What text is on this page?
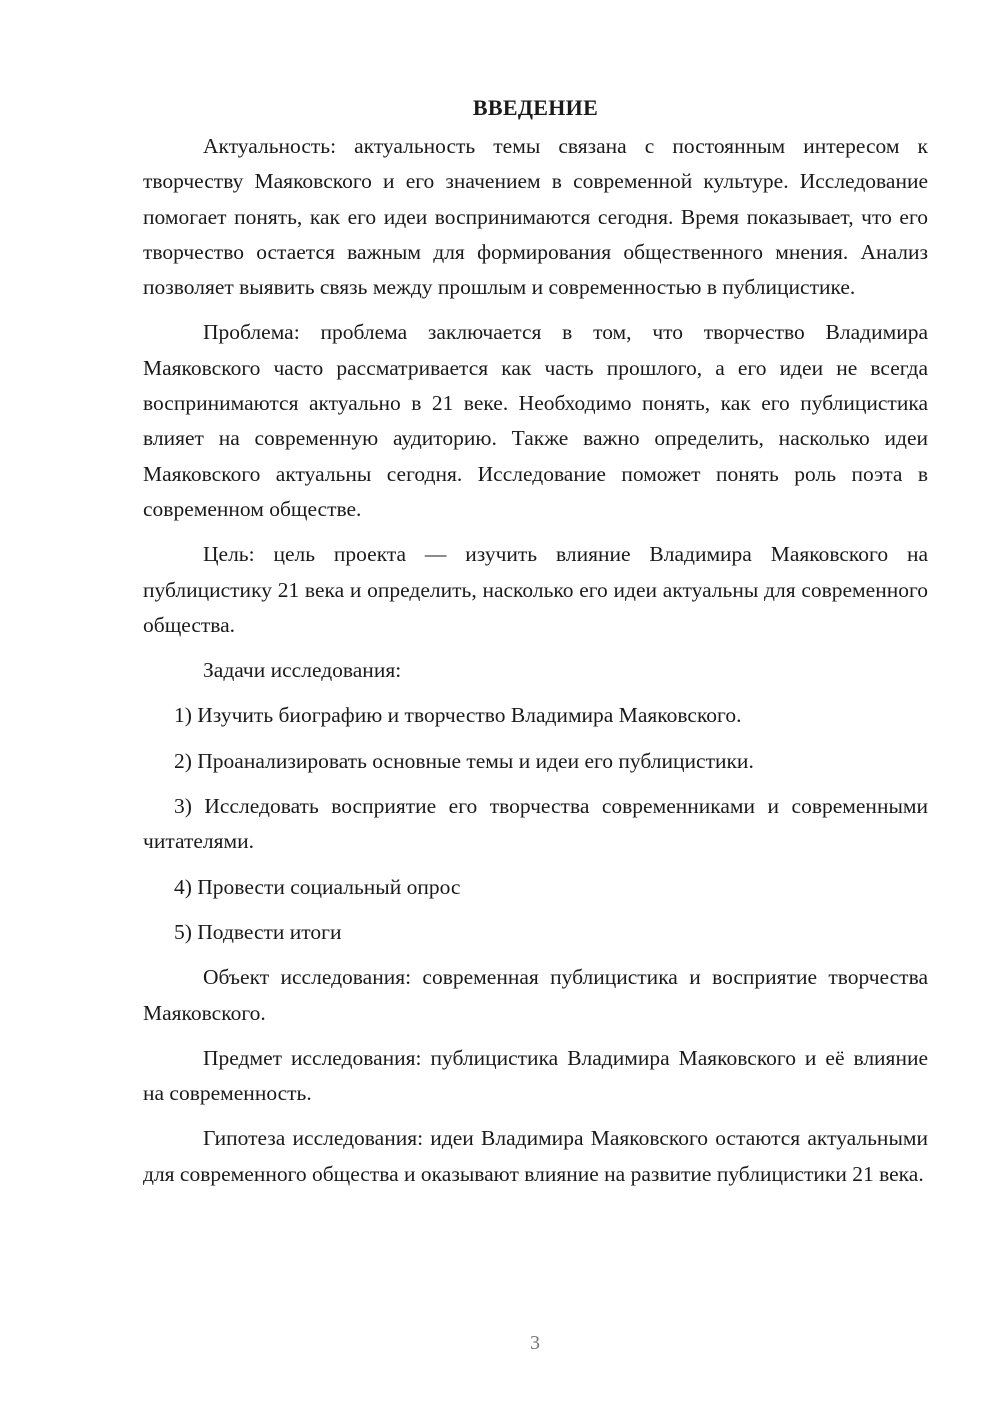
ВВЕДЕНИЕ

Актуальность: актуальность темы связана с постоянным интересом к творчеству Маяковского и его значением в современной культуре. Исследование помогает понять, как его идеи воспринимаются сегодня. Время показывает, что его творчество остается важным для формирования общественного мнения. Анализ позволяет выявить связь между прошлым и современностью в публицистике.

Проблема: проблема заключается в том, что творчество Владимира Маяковского часто рассматривается как часть прошлого, а его идеи не всегда воспринимаются актуально в 21 веке. Необходимо понять, как его публицистика влияет на современную аудиторию. Также важно определить, насколько идеи Маяковского актуальны сегодня. Исследование поможет понять роль поэта в современном обществе.

Цель: цель проекта — изучить влияние Владимира Маяковского на публицистику 21 века и определить, насколько его идеи актуальны для современного общества.

Задачи исследования:

1) Изучить биографию и творчество Владимира Маяковского.

2) Проанализировать основные темы и идеи его публицистики.

3) Исследовать восприятие его творчества современниками и современными читателями.

4) Провести социальный опрос

5) Подвести итоги

Объект исследования: современная публицистика и восприятие творчества Маяковского.

Предмет исследования: публицистика Владимира Маяковского и её влияние на современность.

Гипотеза исследования: идеи Владимира Маяковского остаются актуальными для современного общества и оказывают влияние на развитие публицистики 21 века.

3
